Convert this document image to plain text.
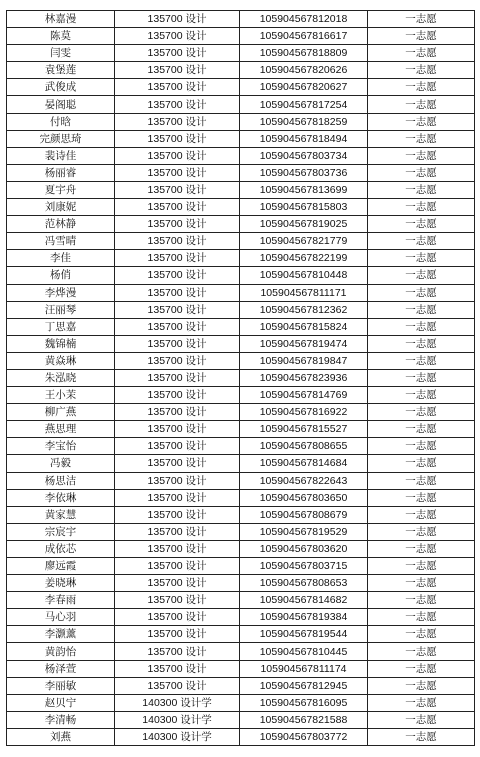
林嘉漫	135700 设计	105904567812018	一志愿
陈莫	135700 设计	105904567816617	一志愿
闫雯	135700 设计	105904567818809	一志愿
袁堡莲	135700 设计	105904567820626	一志愿
武俊成	135700 设计	105904567820627	一志愿
晏阁聪	135700 设计	105904567817254	一志愿
付晗	135700 设计	105904567818259	一志愿
完颜思琦	135700 设计	105904567818494	一志愿
裴诗佳	135700 设计	105904567803734	一志愿
杨丽睿	135700 设计	105904567803736	一志愿
夏宇舟	135700 设计	105904567813699	一志愿
刘康妮	135700 设计	105904567815803	一志愿
范林静	135700 设计	105904567819025	一志愿
冯雪晴	135700 设计	105904567821779	一志愿
李佳	135700 设计	105904567822199	一志愿
杨俏	135700 设计	105904567810448	一志愿
李烨漫	135700 设计	105904567811171	一志愿
汪丽琴	135700 设计	105904567812362	一志愿
丁思嘉	135700 设计	105904567815824	一志愿
魏锦楠	135700 设计	105904567819474	一志愿
黄焱琳	135700 设计	105904567819847	一志愿
朱泓晓	135700 设计	105904567823936	一志愿
王小茉	135700 设计	105904567814769	一志愿
柳广燕	135700 设计	105904567816922	一志愿
燕思理	135700 设计	105904567815527	一志愿
李宝怡	135700 设计	105904567808655	一志愿
冯毅	135700 设计	105904567814684	一志愿
杨思洁	135700 设计	105904567822643	一志愿
李依琳	135700 设计	105904567803650	一志愿
黄家慧	135700 设计	105904567808679	一志愿
宗宸宇	135700 设计	105904567819529	一志愿
成依芯	135700 设计	105904567803620	一志愿
廖远霞	135700 设计	105904567803715	一志愿
姜晓琳	135700 设计	105904567808653	一志愿
李春雨	135700 设计	105904567814682	一志愿
马心羽	135700 设计	105904567819384	一志愿
李灏薰	135700 设计	105904567819544	一志愿
黄韵怡	135700 设计	105904567810445	一志愿
杨泽萱	135700 设计	105904567811174	一志愿
李丽敏	135700 设计	105904567812945	一志愿
赵贝宁	140300 设计学	105904567816095	一志愿
李清畅	140300 设计学	105904567821588	一志愿
刘燕	140300 设计学	105904567803772	一志愿
